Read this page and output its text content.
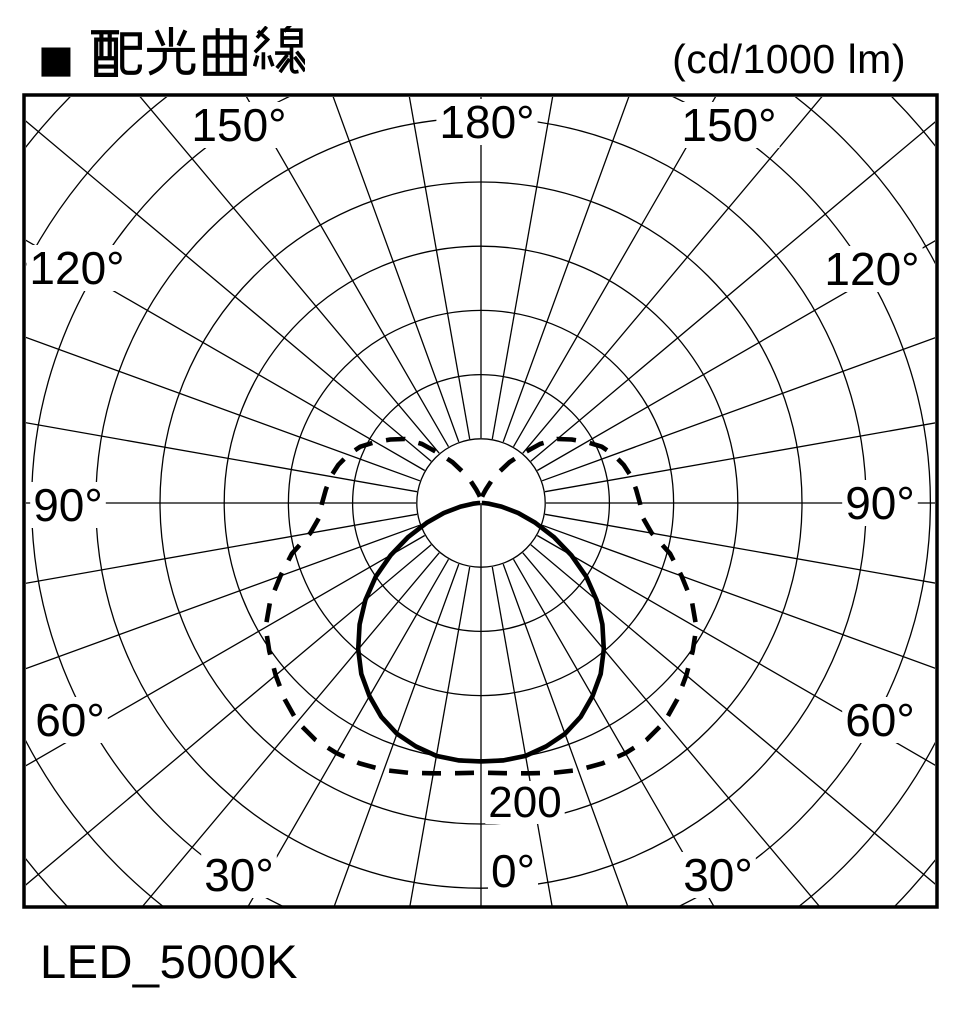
■	(cd/1000 lm)
180°
150°	150°
120°	120°
90°	90°
60°	60°
30°	30°
0°
200
LED_5000K
